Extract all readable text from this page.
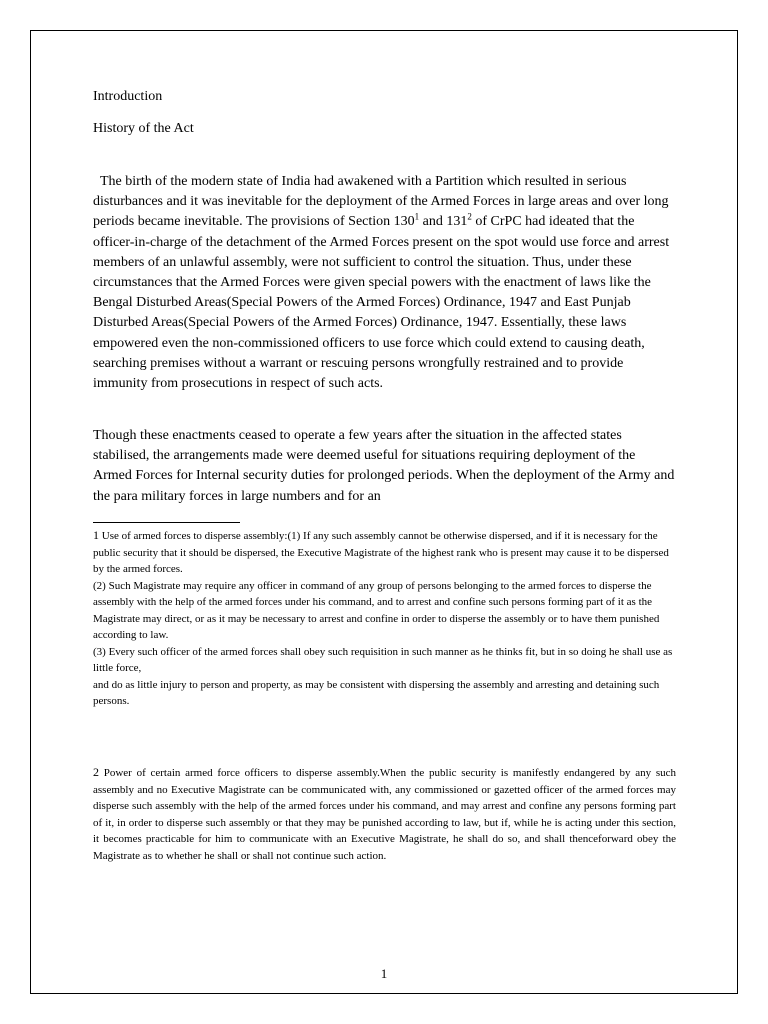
Introduction
History of the Act

The birth of the modern state of India had awakened with a Partition which resulted in serious disturbances and it was inevitable for the deployment of the Armed Forces in large areas and over long periods became inevitable. The provisions of Section $130^1$ and $131^2$ of CrPC had ideated that the officer-in-charge of the detachment of the Armed Forces present on the spot would use force and arrest members of an unlawful assembly, were not sufficient to control the situation. Thus, under these circumstances that the Armed Forces were given special powers with the enactment of laws like the Bengal Disturbed Areas(Special Powers of the Armed Forces) Ordinance, 1947 and East Punjab Disturbed Areas(Special Powers of the Armed Forces) Ordinance, 1947. Essentially, these laws empowered even the non-commissioned officers to use force which could extend to causing death, searching premises without a warrant or rescuing persons wrongfully restrained and to provide immunity from prosecutions in respect of such acts.

Though these enactments ceased to operate a few years after the situation in the affected states stabilised, the arrangements made were deemed useful for situations requiring deployment of the Armed Forces for Internal security duties for prolonged periods. When the deployment of the Army and the para military forces in large numbers and for an

1 Use of armed forces to disperse assembly:(1) If any such assembly cannot be otherwise dispersed, and if it is necessary for the public security that it should be dispersed, the Executive Magistrate of the highest rank who is present may cause it to be dispersed by the armed forces.

(2) Such Magistrate may require any officer in command of any group of persons belonging to the armed forces to disperse the assembly with the help of the armed forces under his command, and to arrest and confine such persons forming part of it as the Magistrate may direct, or as it may be necessary to arrest and confine in order to disperse the assembly or to have them punished according to law.

(3) Every such officer of the armed forces shall obey such requisition in such manner as he thinks fit, but in so doing he shall use as little force,

and do as little injury to person and property, as may be consistent with dispersing the assembly and arresting and detaining such persons.

2 Power of certain armed force officers to disperse assembly.When the public security is manifestly endangered by any such assembly and no Executive Magistrate can be communicated with, any commissioned or gazetted officer of the armed forces may disperse such assembly with the help of the armed forces under his command, and may arrest and confine any persons forming part of it, in order to disperse such assembly or that they may be punished according to law, but if, while he is acting under this section, it becomes practicable for him to communicate with an Executive Magistrate, he shall do so, and shall thenceforward obey the Magistrate as to whether he shall or shall not continue such action.

1
